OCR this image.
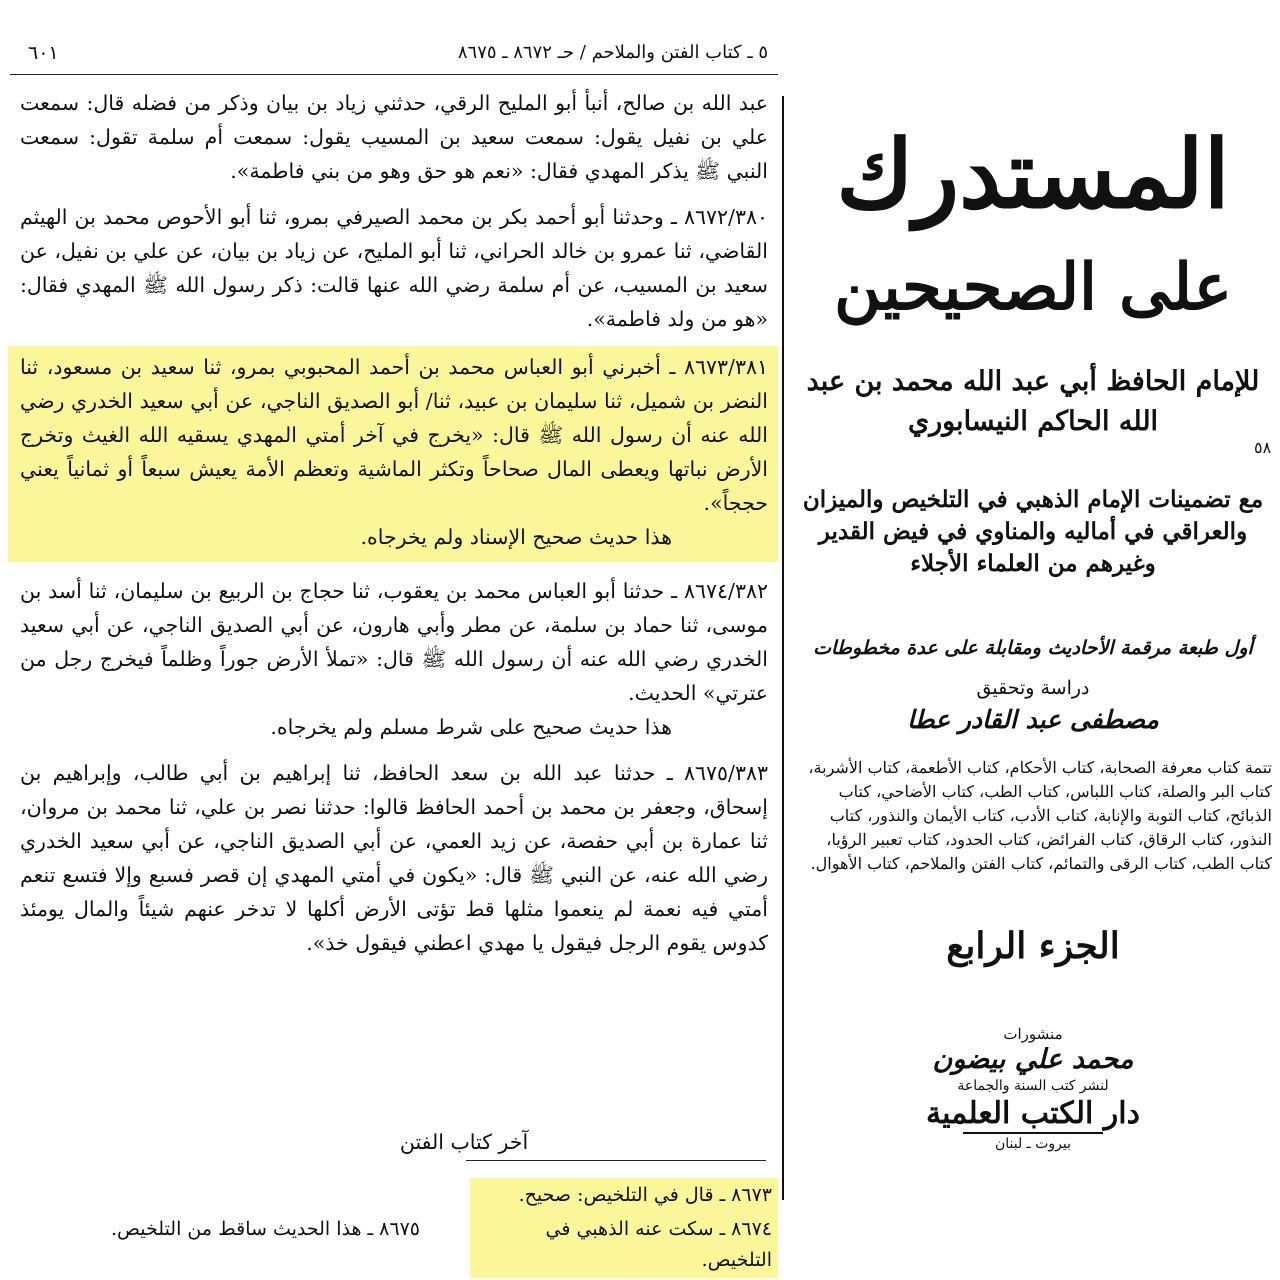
٦٠١	٥ ـ كتاب الفتن والملاحم / حـ ٨٦٧٢ ـ ٨٦٧٥

عبد الله بن صالح، أنبأ أبو المليح الرقي، حدثني زياد بن بيان وذكر من فضله قال: سمعت علي بن نفيل يقول: سمعت سعيد بن المسيب يقول: سمعت أم سلمة تقول: سمعت النبي ﷺ يذكر المهدي فقال: «نعم هو حق وهو من بني فاطمة».

٨٦٧٢/٣٨٠ ـ وحدثنا أبو أحمد بكر بن محمد الصيرفي بمرو، ثنا أبو الأحوص محمد بن الهيثم القاضي، ثنا عمرو بن خالد الحراني، ثنا أبو المليح، عن زياد بن بيان، عن علي بن نفيل، عن سعيد بن المسيب، عن أم سلمة رضي الله عنها قالت: ذكر رسول الله ﷺ المهدي فقال: «هو من ولد فاطمة».

٨٦٧٣/٣٨١ ـ أخبرني أبو العباس محمد بن أحمد المحبوبي بمرو، ثنا سعيد بن مسعود، ثنا النضر بن شميل، ثنا سليمان بن عبيد، ثنا/ أبو الصديق الناجي، عن أبي سعيد الخدري رضي الله عنه أن رسول الله ﷺ قال: «يخرج في آخر أمتي المهدي يسقيه الله الغيث وتخرج الأرض نباتها ويعطى المال صحاحاً وتكثر الماشية وتعظم الأمة يعيش سبعاً أو ثمانياً يعني حججاً».

هذا حديث صحيح الإسناد ولم يخرجاه.

٨٦٧٤/٣٨٢ ـ حدثنا أبو العباس محمد بن يعقوب، ثنا حجاج بن الربيع بن سليمان، ثنا أسد بن موسى، ثنا حماد بن سلمة، عن مطر وأبي هارون، عن أبي الصديق الناجي، عن أبي سعيد الخدري رضي الله عنه أن رسول الله ﷺ قال: «تملأ الأرض جوراً وظلماً فيخرج رجل من عترتي» الحديث.

هذا حديث صحيح على شرط مسلم ولم يخرجاه.

٨٦٧٥/٣٨٣ ـ حدثنا عبد الله بن سعد الحافظ، ثنا إبراهيم بن أبي طالب، وإبراهيم بن إسحاق، وجعفر بن محمد بن أحمد الحافظ قالوا: حدثنا نصر بن علي، ثنا محمد بن مروان، ثنا عمارة بن أبي حفصة، عن زيد العمي، عن أبي الصديق الناجي، عن أبي سعيد الخدري رضي الله عنه، عن النبي ﷺ قال: «يكون في أمتي المهدي إن قصر فسبع وإلا فتسع تنعم أمتي فيه نعمة لم ينعموا مثلها قط تؤتى الأرض أكلها لا تدخر عنهم شيئاً والمال يومئذ كدوس يقوم الرجل فيقول يا مهدي اعطني فيقول خذ».

آخر كتاب الفتن

٥٨
٨٦٧٣ ـ قال في التلخيص: صحيح.
٨٦٧٤ ـ سكت عنه الذهبي في التلخيص.
٨٦٧٥ ـ هذا الحديث ساقط من التلخيص.
المستدرك
على الصحيحين
للإمام الحافظ أبي عبد الله محمد بن عبد الله الحاكم النيسابوري
مع تضمينات الإمام الذهبي في التلخيص والميزان والعراقي في أماليه والمناوي في فيض القدير وغيرهم من العلماء الأجلاء
أول طبعة مرقمة الأحاديث ومقابلة على عدة مخطوطات
دراسة وتحقيق
مصطفى عبد القادر عطا
تتمة كتاب معرفة الصحابة، كتاب الأحكام، كتاب الأطعمة، كتاب الأشربة، كتاب البر والصلة، كتاب اللباس، كتاب الطب، كتاب الأضاحي، كتاب الذبائح، كتاب التوبة والإنابة، كتاب الأدب، كتاب الأيمان والنذور، كتاب النذور، كتاب الرقاق، كتاب الفرائض، كتاب الحدود، كتاب تعبير الرؤيا، كتاب الطب، كتاب الرقى والتمائم، كتاب الفتن والملاحم، كتاب الأهوال.
الجزء الرابع
منشورات
محمد علي بيضون
لنشر كتب السنة والجماعة
دار الكتب العلمية
بيروت ـ لبنان
